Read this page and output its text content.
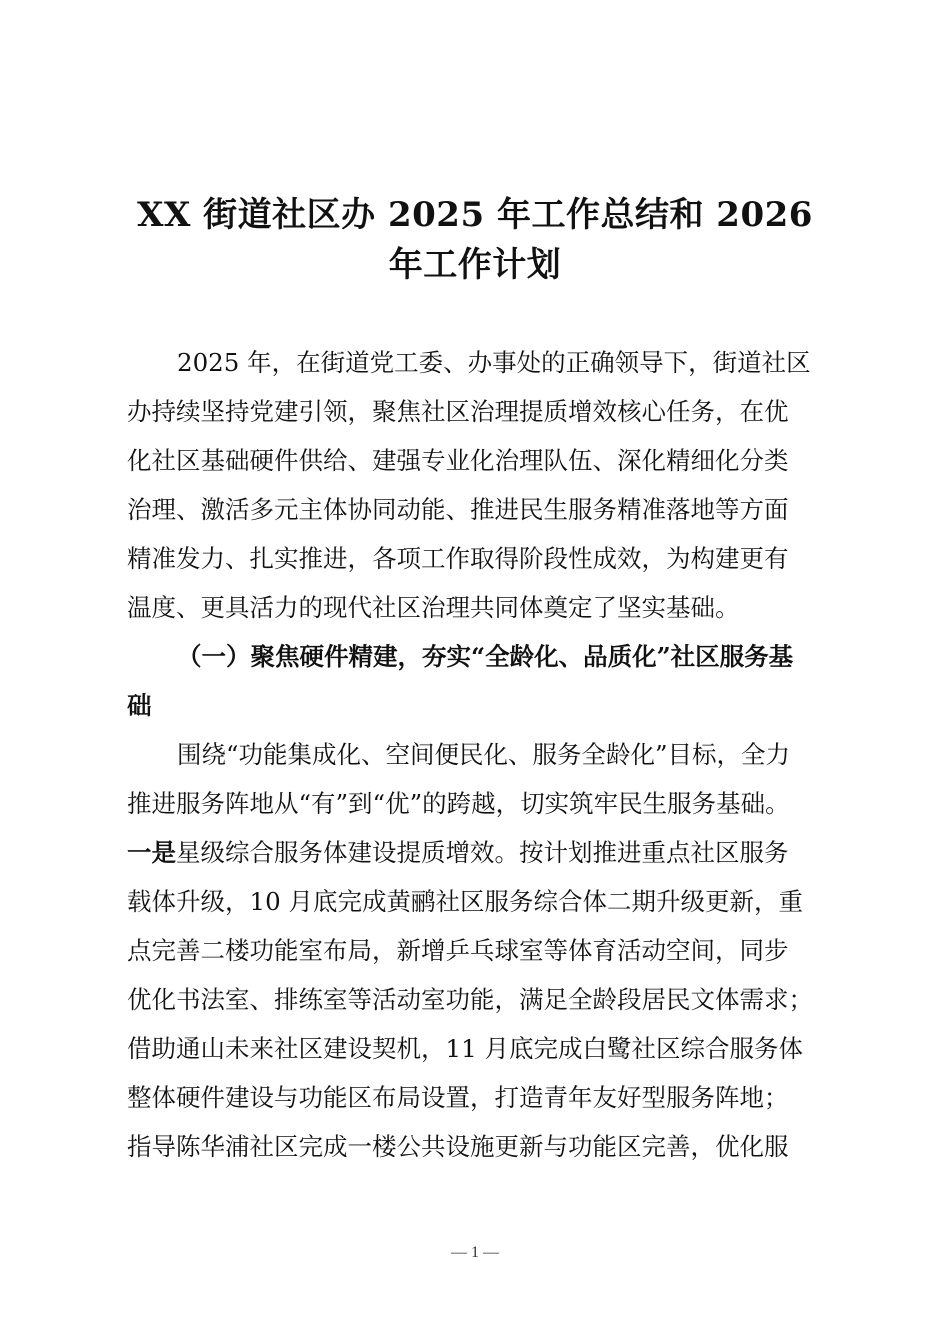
XX 街道社区办 2025 年工作总结和 2026
年工作计划
2025 年，在街道党工委、办事处的正确领导下，街道社区
办持续坚持党建引领，聚焦社区治理提质增效核心任务，在优
化社区基础硬件供给、建强专业化治理队伍、深化精细化分类
治理、激活多元主体协同动能、推进民生服务精准落地等方面
精准发力、扎实推进，各项工作取得阶段性成效，为构建更有
温度、更具活力的现代社区治理共同体奠定了坚实基础。
（一）聚焦硬件精建，夯实“全龄化、品质化”社区服务基
础
围绕“功能集成化、空间便民化、服务全龄化”目标，全力
推进服务阵地从“有”到“优”的跨越，切实筑牢民生服务基础。
一是星级综合服务体建设提质增效。按计划推进重点社区服务
载体升级，10 月底完成黄鹂社区服务综合体二期升级更新，重
点完善二楼功能室布局，新增乒乓球室等体育活动空间，同步
优化书法室、排练室等活动室功能，满足全龄段居民文体需求；
借助通山未来社区建设契机，11 月底完成白鹭社区综合服务体
整体硬件建设与功能区布局设置，打造青年友好型服务阵地；
指导陈华浦社区完成一楼公共设施更新与功能区完善，优化服
— 1 —
